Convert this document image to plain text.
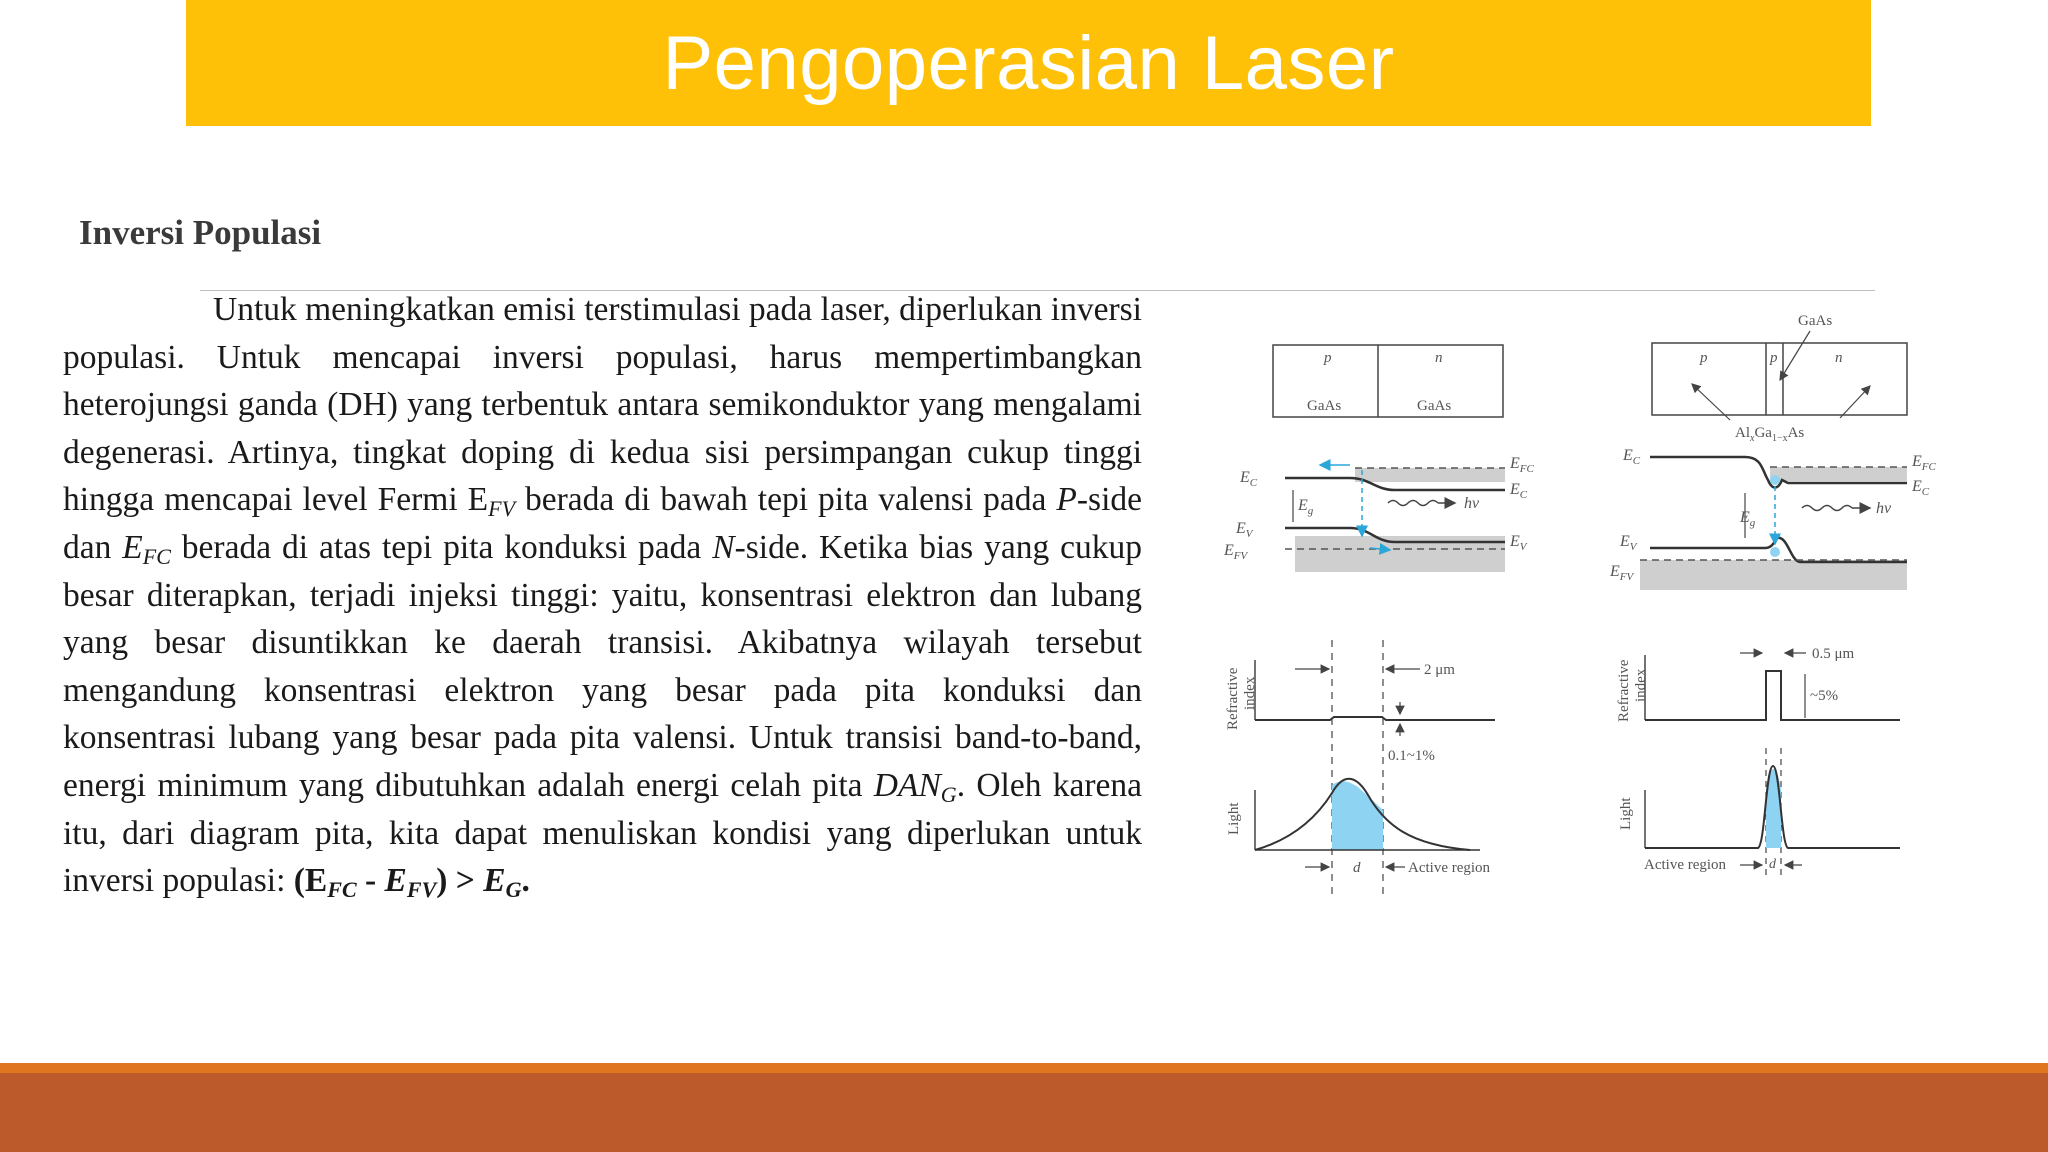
Pengoperasian Laser
Inversi Populasi
Untuk meningkatkan emisi terstimulasi pada laser, diperlukan inversi populasi. Untuk mencapai inversi populasi, harus mempertimbangkan heterojungsi ganda (DH) yang terbentuk antara semikonduktor yang mengalami degenerasi. Artinya, tingkat doping di kedua sisi persimpangan cukup tinggi hingga mencapai level Fermi $E_{FV}$ berada di bawah tepi pita valensi pada P-side dan $E_{FC}$ berada di atas tepi pita konduksi pada N-side. Ketika bias yang cukup besar diterapkan, terjadi injeksi tinggi: yaitu, konsentrasi elektron dan lubang yang besar disuntikkan ke daerah transisi. Akibatnya wilayah tersebut mengandung konsentrasi elektron yang besar pada pita konduksi dan konsentrasi lubang yang besar pada pita valensi. Untuk transisi band-to-band, energi minimum yang dibutuhkan adalah energi celah pita $DAN_G$. Oleh karena itu, dari diagram pita, kita dapat menuliskan kondisi yang diperlukan untuk inversi populasi: $(E_{FC} - E_{FV}) > E_G$.
p	n
GaAs	GaAs
$E_C$
$E_g$
$E_V$
$E_{FV}$
$E_{FC}$
$E_C$
$E_V$
hν
2 μm
0.1~1%
Refractive index
Light
d	Active region
GaAs
p	p	n
$Al_xGa_{1-x}As$
$E_C$
$E_g$
$E_V$
$E_{FV}$
$E_{FC}$
$E_C$
hν
0.5 μm
~5%
Refractive index
Light
Active region	d
